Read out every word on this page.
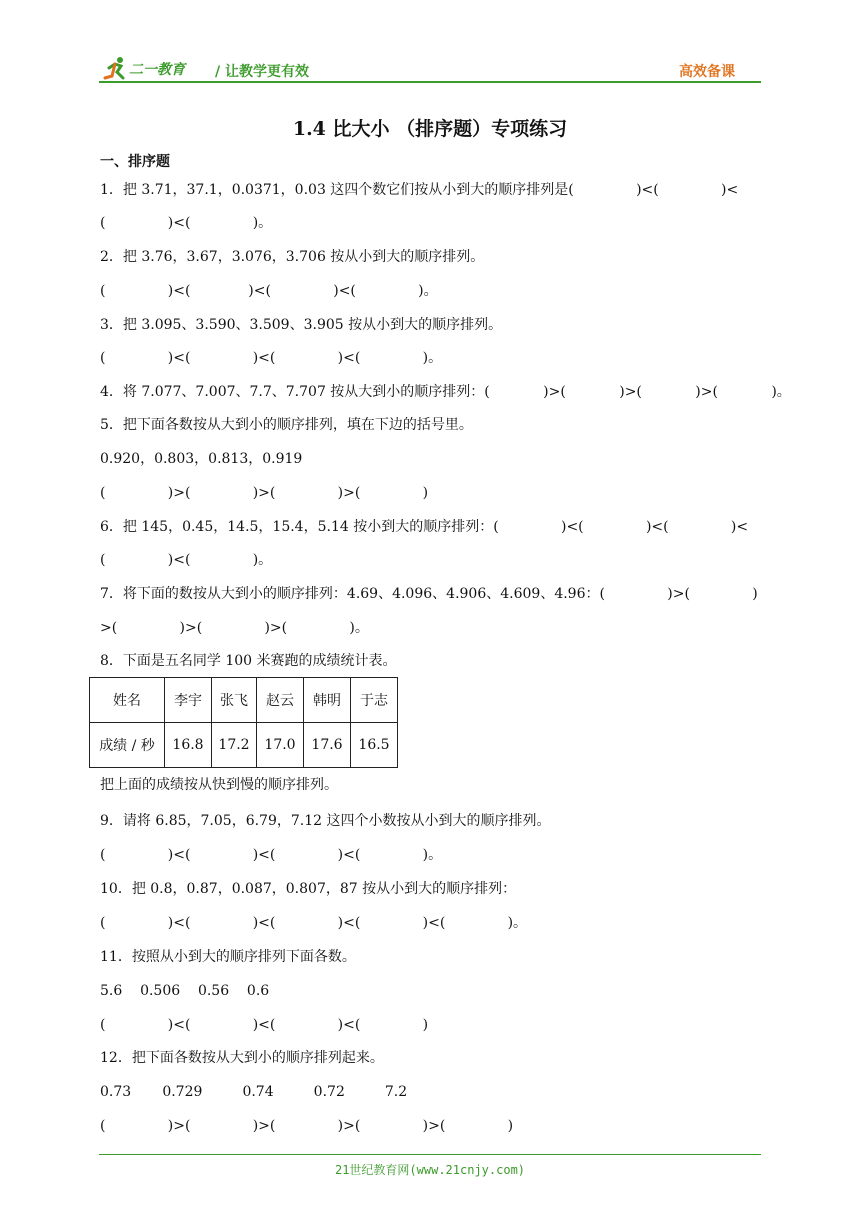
二一教育 / 让教学更有效	高效备课
1.4 比大小 （排序题）专项练习
一、排序题
1．把 3.71，37.1，0.0371，0.03 这四个数它们按从小到大的顺序排列是(              )<(              )<
(              )<(              )。
2．把 3.76，3.67，3.076，3.706 按从小到大的顺序排列。
(              )<(             )<(              )<(              )。
3．把 3.095、3.590、3.509、3.905 按从小到大的顺序排列。
(              )<(              )<(              )<(              )。
4．将 7.077、7.007、7.7、7.707 按从大到小的顺序排列：(            )>(            )>(            )>(            )。
5．把下面各数按从大到小的顺序排列，填在下边的括号里。
0.920，0.803，0.813，0.919
(              )>(              )>(              )>(              )
6．把 145，0.45，14.5，15.4，5.14 按小到大的顺序排列：(              )<(              )<(              )<
(              )<(              )。
7．将下面的数按从大到小的顺序排列：4.69、4.096、4.906、4.609、4.96：(              )>(              )
>(              )>(              )>(              )。
8．下面是五名同学 100 米赛跑的成绩统计表。
姓名	李宇	张飞	赵云	韩明	于志
成绩 / 秒	16.8	17.2	17.0	17.6	16.5
把上面的成绩按从快到慢的顺序排列。
9．请将 6.85，7.05，6.79，7.12 这四个小数按从小到大的顺序排列。
(              )<(              )<(              )<(              )。
10．把 0.8，0.87，0.087，0.807，87 按从小到大的顺序排列：
(              )<(              )<(              )<(              )<(              )。
11．按照从小到大的顺序排列下面各数。
5.6    0.506    0.56    0.6
(              )<(              )<(              )<(              )
12．把下面各数按从大到小的顺序排列起来。
0.73       0.729         0.74         0.72         7.2
(              )>(              )>(              )>(              )>(              )
21世纪教育网(www.21cnjy.com)
